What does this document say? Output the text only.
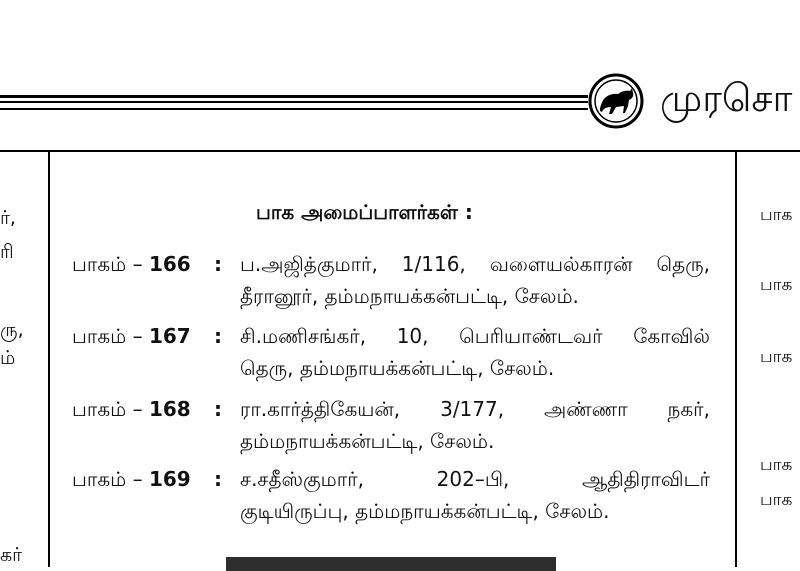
முரசொ
ர்,
ரி
ரு,
ம்
கர்
பாக அமைப்பாளர்கள் :
பாகம் – 166 : ப.அஜித்குமார், 1/116, வளையல்காரன் தெரு,
தீரானூர், தம்மநாயக்கன்பட்டி, சேலம்.
பாகம் – 167 : சி.மணிசங்கர், 10, பெரியாண்டவர் கோவில்
தெரு, தம்மநாயக்கன்பட்டி, சேலம்.
பாகம் – 168 : ரா.கார்த்திகேயன், 3/177, அண்ணா நகர்,
தம்மநாயக்கன்பட்டி, சேலம்.
பாகம் – 169 : ச.சதீஸ்குமார், 202–பி, ஆதிதிராவிடர்
குடியிருப்பு, தம்மநாயக்கன்பட்டி, சேலம்.
பாக
பாக
பாக
பாக
பாக
